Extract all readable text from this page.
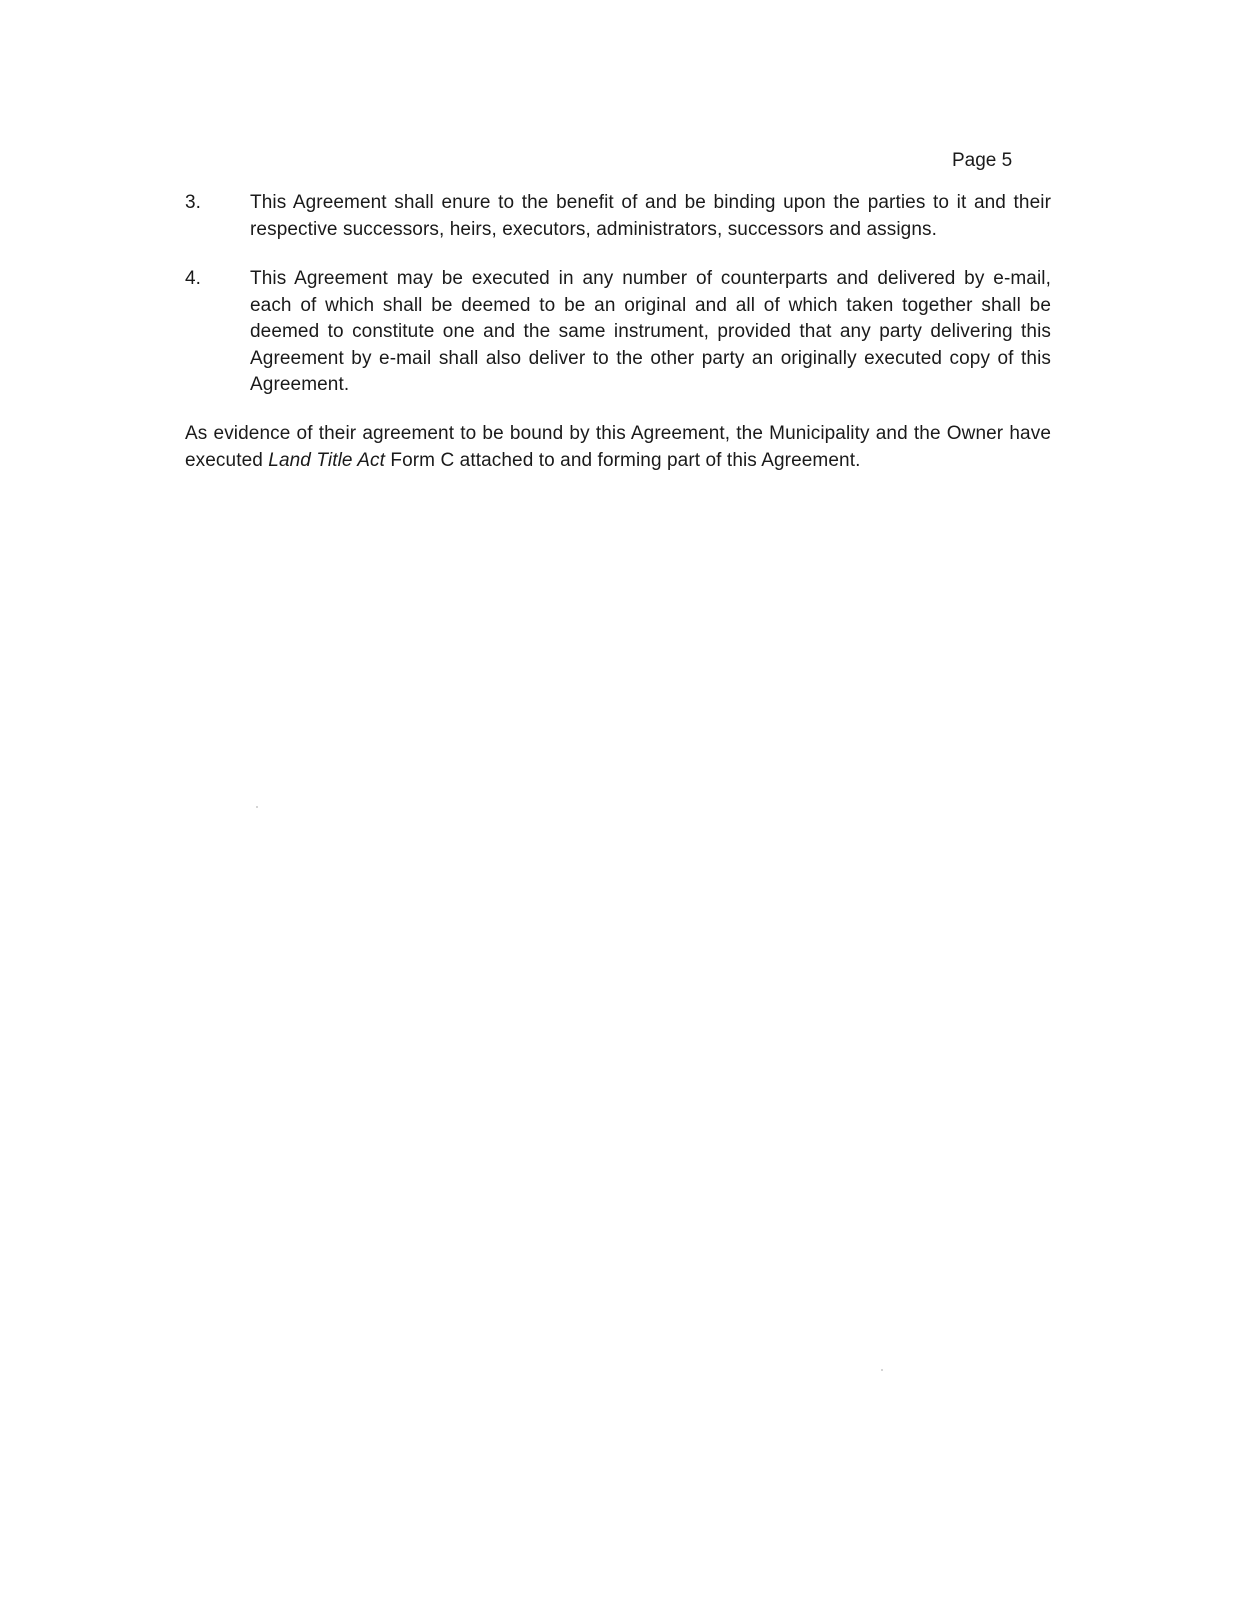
Page 5
3.	This Agreement shall enure to the benefit of and be binding upon the parties to it and their respective successors, heirs, executors, administrators, successors and assigns.
4.	This Agreement may be executed in any number of counterparts and delivered by e-mail, each of which shall be deemed to be an original and all of which taken together shall be deemed to constitute one and the same instrument, provided that any party delivering this Agreement by e-mail shall also deliver to the other party an originally executed copy of this Agreement.

As evidence of their agreement to be bound by this Agreement, the Municipality and the Owner have executed Land Title Act Form C attached to and forming part of this Agreement.
